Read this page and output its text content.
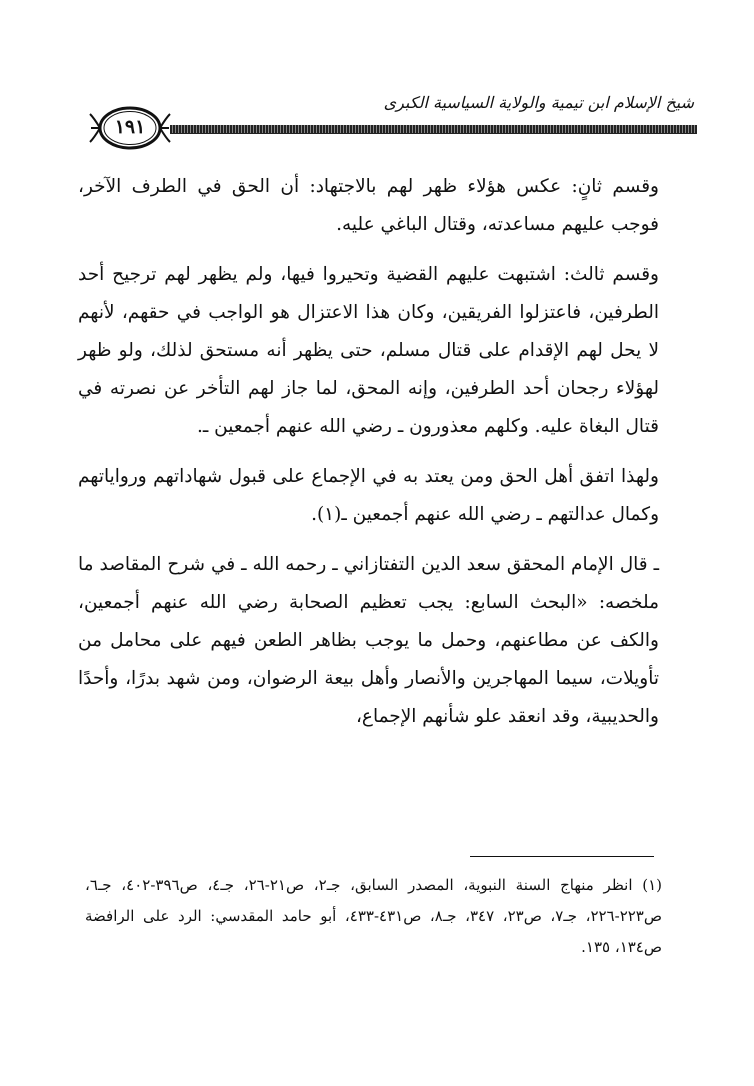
شيخ الإسلام ابن تيمية والولاية السياسية الكبرى
١٩١

وقسم ثانٍ: عكس هؤلاء ظهر لهم بالاجتهاد: أن الحق في الطرف الآخر، فوجب عليهم مساعدته، وقتال الباغي عليه.

وقسم ثالث: اشتبهت عليهم القضية وتحيروا فيها، ولم يظهر لهم ترجيح أحد الطرفين، فاعتزلوا الفريقين، وكان هذا الاعتزال هو الواجب في حقهم، لأنهم لا يحل لهم الإقدام على قتال مسلم، حتى يظهر أنه مستحق لذلك، ولو ظهر لهؤلاء رجحان أحد الطرفين، وإنه المحق، لما جاز لهم التأخر عن نصرته في قتال البغاة عليه. وكلهم معذورون ـ رضي الله عنهم أجمعين ـ.

ولهذا اتفق أهل الحق ومن يعتد به في الإجماع على قبول شهاداتهم ورواياتهم وكمال عدالتهم ـ رضي الله عنهم أجمعين ـ(١).

ـ قال الإمام المحقق سعد الدين التفتازاني ـ رحمه الله ـ في شرح المقاصد ما ملخصه: «البحث السابع: يجب تعظيم الصحابة رضي الله عنهم أجمعين، والكف عن مطاعنهم، وحمل ما يوجب بظاهر الطعن فيهم على محامل من تأويلات، سيما المهاجرين والأنصار وأهل بيعة الرضوان، ومن شهد بدرًا، وأحدًا والحديبية، وقد انعقد علو شأنهم الإجماع،

(١) انظر منهاج السنة النبوية، المصدر السابق، جـ٢، ص٢١-٢٦، جـ٤، ص٣٩٦-٤٠٢، جـ٦، ص٢٢٣-٢٢٦، جـ٧، ص٢٣، ٣٤٧، جـ٨، ص٤٣١-٤٣٣، أبو حامد المقدسي: الرد على الرافضة ص١٣٤، ١٣٥.
